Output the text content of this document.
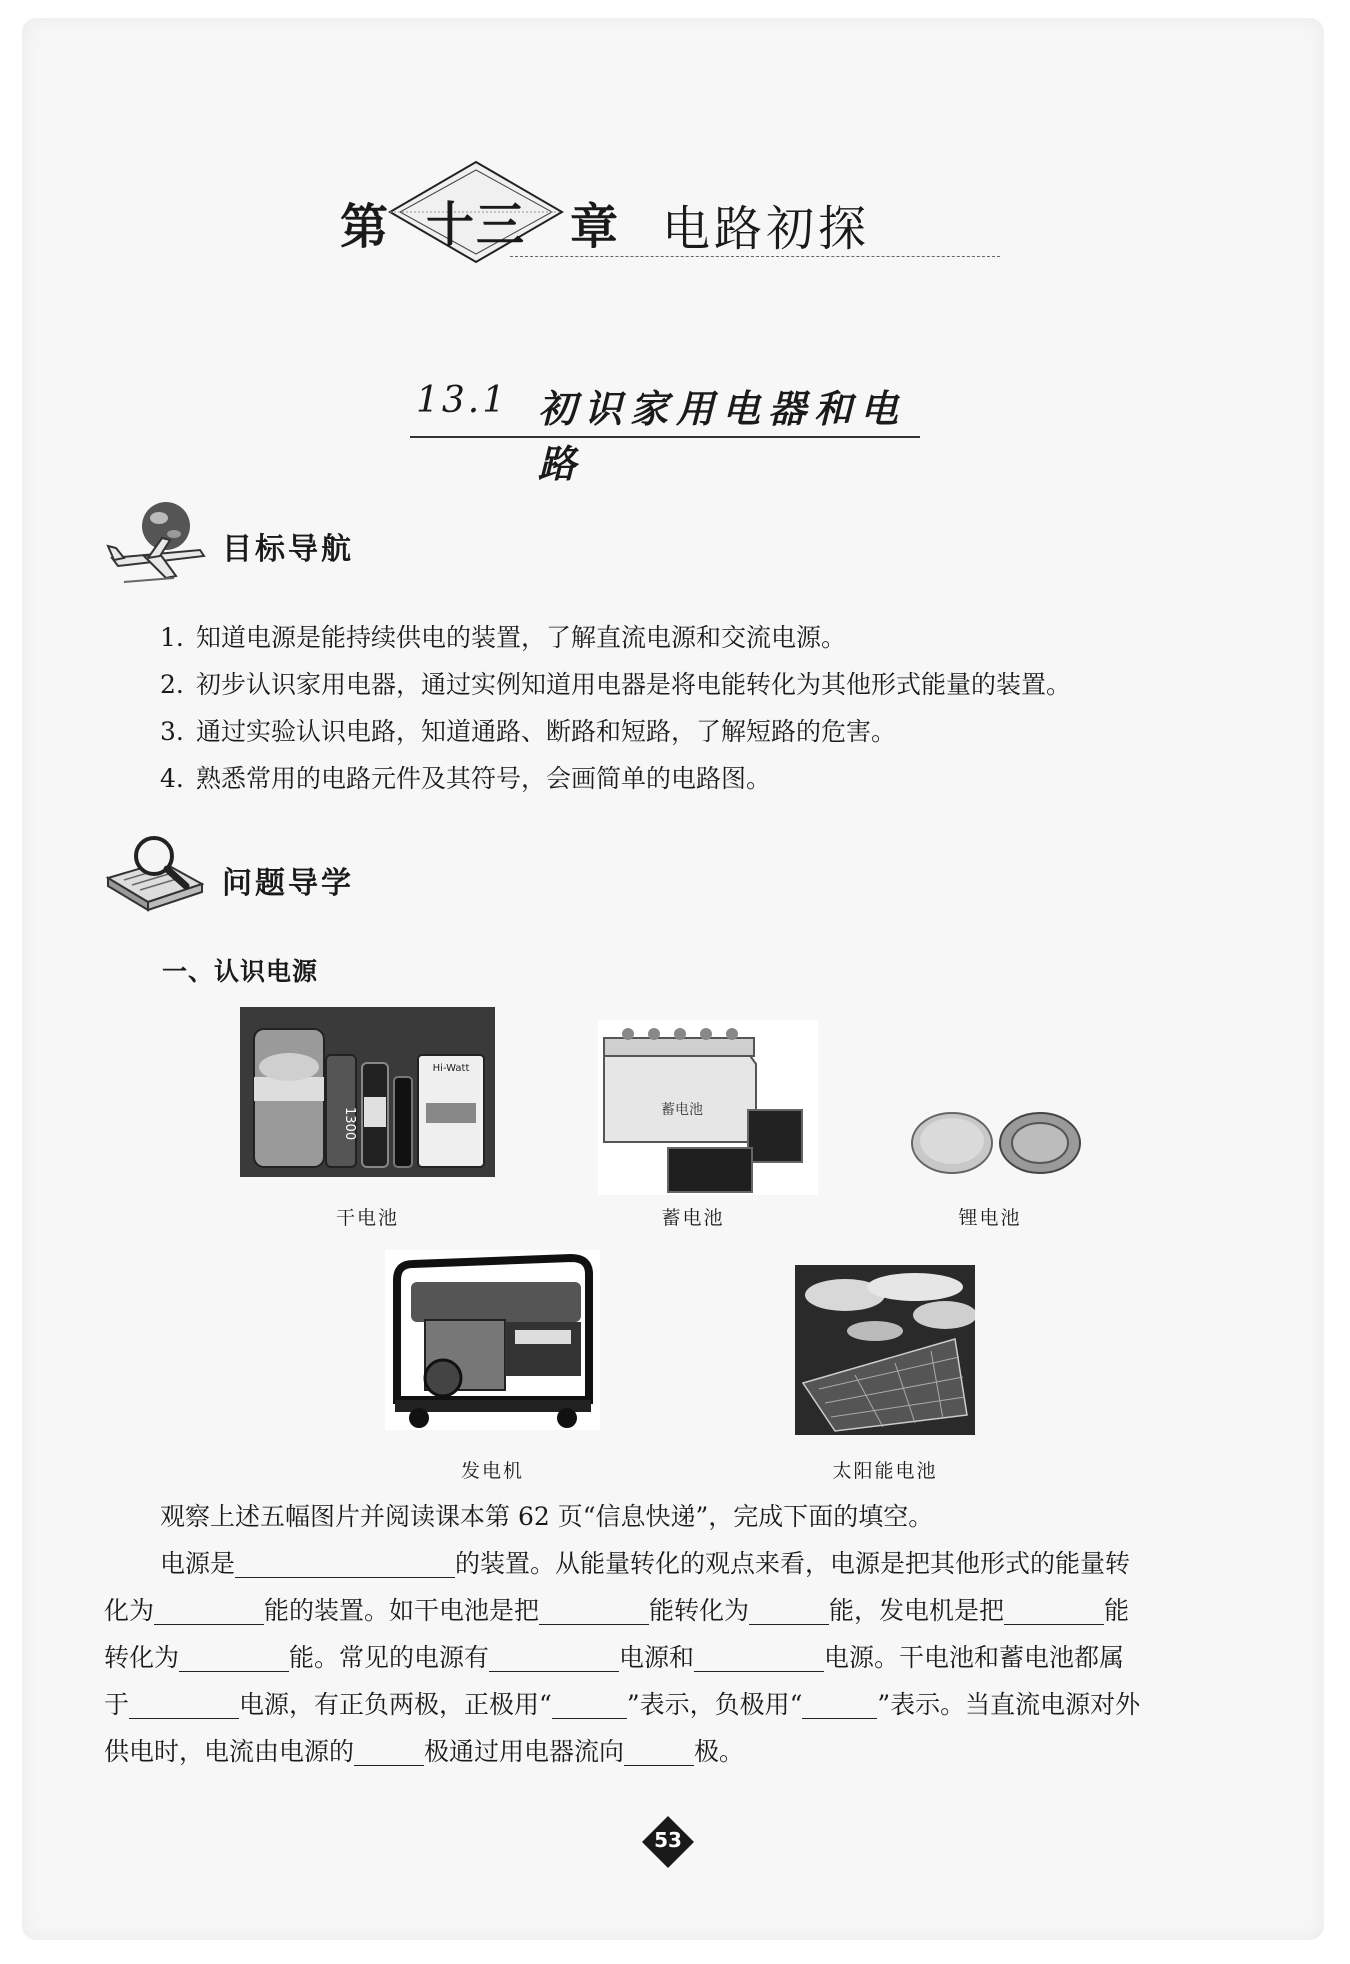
第 十三 章 电路初探
13.1 初识家用电器和电路
目标导航
1. 知道电源是能持续供电的装置，了解直流电源和交流电源。
2. 初步认识家用电器，通过实例知道用电器是将电能转化为其他形式能量的装置。
3. 通过实验认识电路，知道通路、断路和短路，了解短路的危害。
4. 熟悉常用的电路元件及其符号，会画简单的电路图。
问题导学
一、认识电源
1300
Hi-Watt
干电池
蓄电池
蓄电池	锂电池
发电机	太阳能电池

观察上述五幅图片并阅读课本第 62 页“信息快递”，完成下面的填空。

电源是	的装置。从能量转化的观点来看，电源是把其他形式的能量转

化为	能的装置。如干电池是把	能转化为	能，发电机是把	能

转化为	能。常见的电源有	电源和	电源。干电池和蓄电池都属

于	电源，有正负两极，正极用“	”表示，负极用“	”表示。当直流电源对外

供电时，电流由电源的	极通过用电器流向	极。

53
